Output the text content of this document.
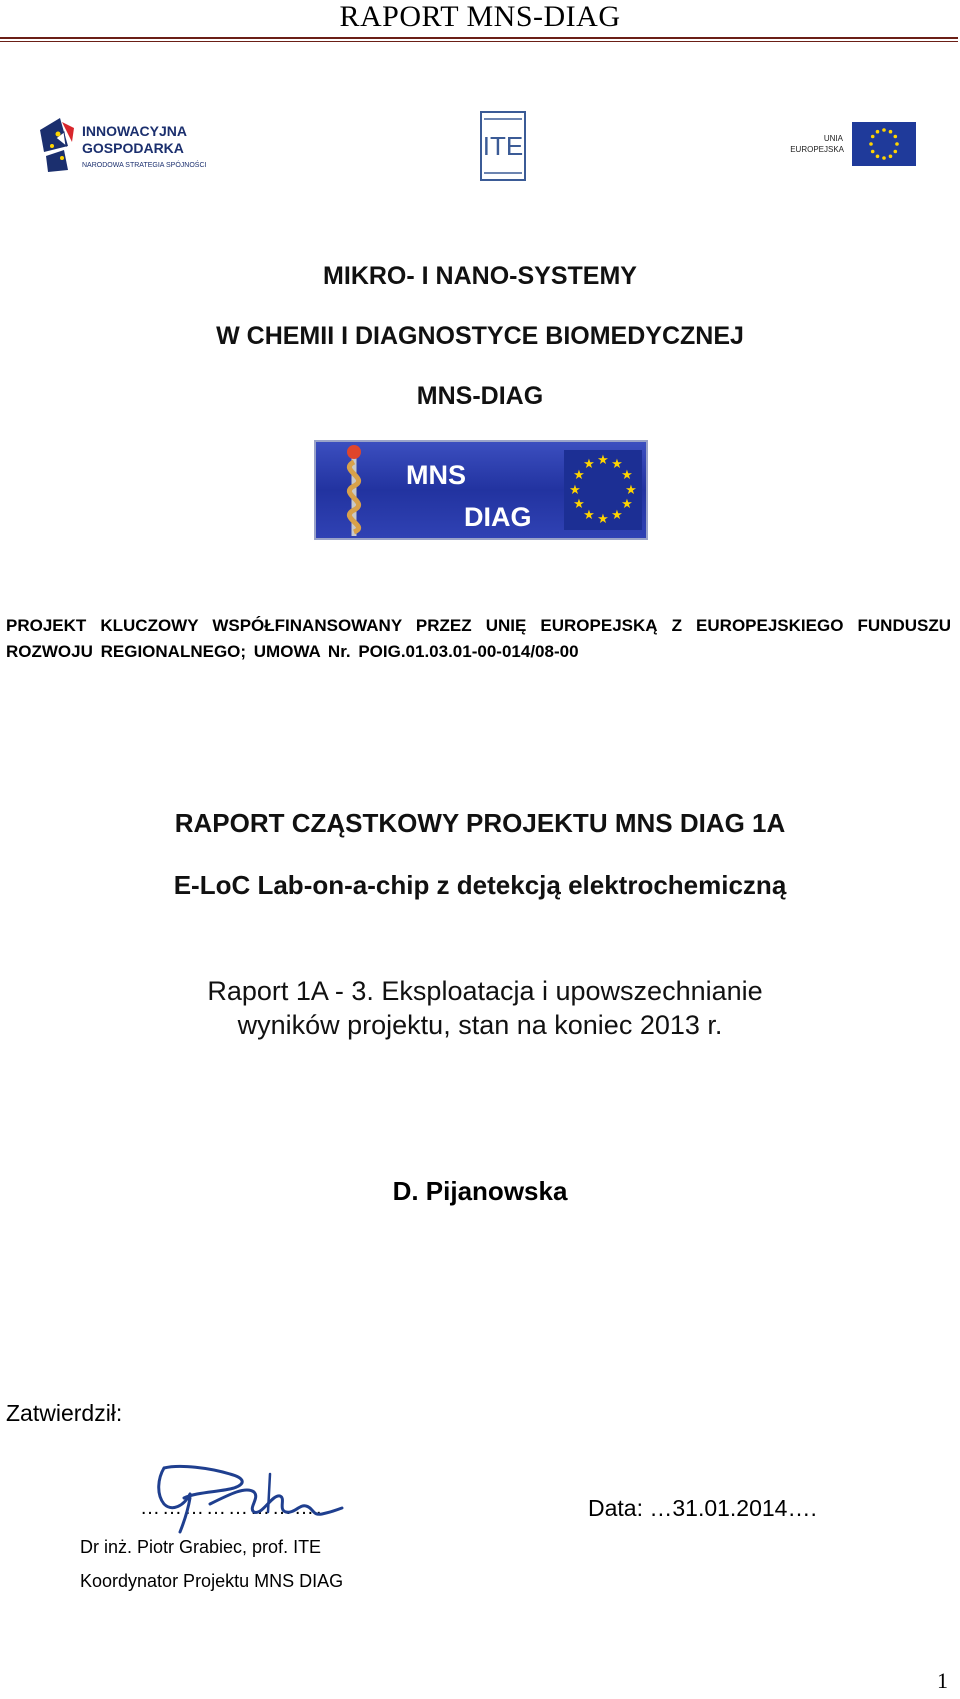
RAPORT MNS-DIAG
INNOWACYJNA
GOSPODARKA
NARODOWA STRATEGIA SPÓJNOŚCI
ITE	UNIA
EUROPEJSKA
MIKRO- I NANO-SYSTEMY
W CHEMII I DIAGNOSTYCE BIOMEDYCZNEJ
MNS-DIAG
MNS
DIAG
★ ★
★
★
★
★
★
★
★
★
★
★
PROJEKT KLUCZOWY WSPÓŁFINANSOWANY PRZEZ UNIĘ EUROPEJSKĄ Z EUROPEJSKIEGO FUNDUSZU
ROZWOJU REGIONALNEGO; UMOWA Nr. POIG.01.03.01-00-014/08-00
RAPORT CZĄSTKOWY PROJEKTU MNS DIAG 1A
E-LoC Lab-on-a-chip z detekcją elektrochemiczną
Raport 1A - 3. Eksploatacja i upowszechnianie
wyników projektu, stan na koniec 2013 r.
D. Pijanowska
Zatwierdził:
…………………….	Data: …31.01.2014….
Dr inż. Piotr Grabiec, prof. ITE
Koordynator Projektu MNS DIAG
1
